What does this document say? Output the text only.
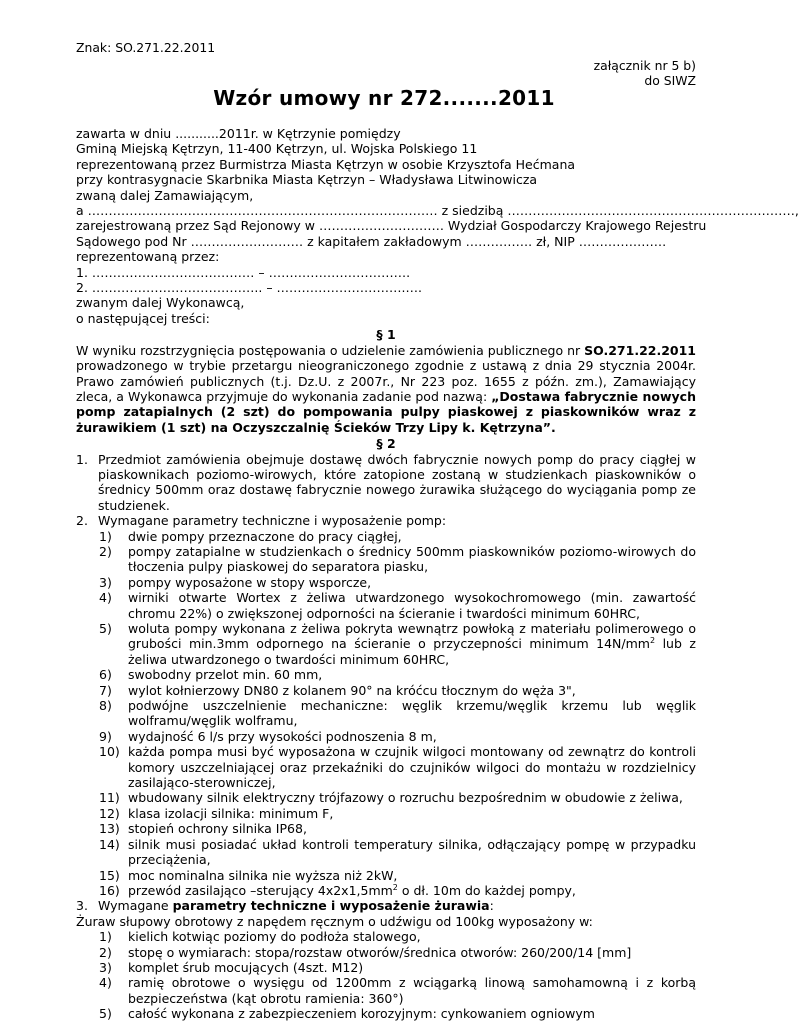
Znak: SO.271.22.2011
załącznik nr 5 b)
do SIWZ
Wzór umowy nr 272.......2011
zawarta w dniu ...........2011r. w Kętrzynie pomiędzy
Gminą Miejską Kętrzyn, 11-400 Kętrzyn, ul. Wojska Polskiego 11
reprezentowaną przez Burmistrza Miasta Kętrzyn w osobie Krzysztofa Hećmana
przy kontrasygnacie Skarbnika Miasta Kętrzyn – Władysława Litwinowicza
zwaną dalej Zamawiającym,
a ………………………………………………………………………… z siedzibą ……………………………………………………………,
zarejestrowaną przez Sąd Rejonowy w ………………………… Wydział Gospodarczy Krajowego Rejestru
Sądowego pod Nr ……………………… z kapitałem zakładowym ……………. zł, NIP …………………
reprezentowaną przez:
1. ………………………………… – …………………………….
2. ………………………………….. – ………………………….….
zwanym dalej Wykonawcą,
o następującej treści:
§ 1
W wyniku rozstrzygnięcia postępowania o udzielenie zamówienia publicznego nr SO.271.22.2011 prowadzonego w trybie przetargu nieograniczonego zgodnie z ustawą z dnia 29 stycznia 2004r. Prawo zamówień publicznych (t.j. Dz.U. z 2007r., Nr 223 poz. 1655 z późn. zm.), Zamawiający zleca, a Wykonawca przyjmuje do wykonania zadanie pod nazwą: „Dostawa fabrycznie nowych pomp zatapialnych (2 szt) do pompowania pulpy piaskowej z piaskowników wraz z żurawikiem (1 szt) na Oczyszczalnię Ścieków Trzy Lipy k. Kętrzyna”.
§ 2
1. Przedmiot zamówienia obejmuje dostawę dwóch fabrycznie nowych pomp do pracy ciągłej w piaskownikach poziomo-wirowych, które zatopione zostaną w studzienkach piaskowników o średnicy 500mm oraz dostawę fabrycznie nowego żurawika służącego do wyciągania pomp ze studzienek.
2. Wymagane parametry techniczne i wyposażenie pomp:
1) dwie pompy przeznaczone do pracy ciągłej,
2) pompy zatapialne w studzienkach o średnicy 500mm piaskowników poziomo-wirowych do tłoczenia pulpy piaskowej do separatora piasku,
3) pompy wyposażone w stopy wsporcze,
4) wirniki otwarte Wortex z żeliwa utwardzonego wysokochromowego (min. zawartość chromu 22%) o zwiększonej odporności na ścieranie i twardości minimum 60HRC,
5) woluta pompy wykonana z żeliwa pokryta wewnątrz powłoką z materiału polimerowego o grubości min.3mm odpornego na ścieranie o przyczepności minimum $14N/mm^2$ lub z żeliwa utwardzonego o twardości minimum 60HRC,
6) swobodny przelot min. 60 mm,
7) wylot kołnierzowy DN80 z kolanem 90° na króćcu tłocznym do węża 3",
8) podwójne uszczelnienie mechaniczne: węglik krzemu/węglik krzemu lub węglik wolframu/węglik wolframu,
9) wydajność 6 l/s przy wysokości podnoszenia 8 m,
10) każda pompa musi być wyposażona w czujnik wilgoci montowany od zewnątrz do kontroli komory uszczelniającej oraz przekaźniki do czujników wilgoci do montażu w rozdzielnicy zasilająco-sterowniczej,
11) wbudowany silnik elektryczny trójfazowy o rozruchu bezpośrednim w obudowie z żeliwa,
12) klasa izolacji silnika: minimum F,
13) stopień ochrony silnika IP68,
14) silnik musi posiadać układ kontroli temperatury silnika, odłączający pompę w przypadku przeciążenia,
15) moc nominalna silnika nie wyższa niż 2kW,
16) przewód zasilająco –sterujący $4x2x1,5mm^2$ o dł. 10m do każdej pompy,
3. Wymagane parametry techniczne i wyposażenie żurawia:
Żuraw słupowy obrotowy z napędem ręcznym o udźwigu od 100kg wyposażony w:
1) kielich kotwiąc poziomy do podłoża stalowego,
2) stopę o wymiarach: stopa/rozstaw otworów/średnica otworów: 260/200/14 [mm]
3) komplet śrub mocujących (4szt. M12)
4) ramię obrotowe o wysięgu od 1200mm z wciągarką linową samohamowną i z korbą bezpieczeństwa (kąt obrotu ramienia: 360°)
5) całość wykonana z zabezpieczeniem korozyjnym: cynkowaniem ogniowym
